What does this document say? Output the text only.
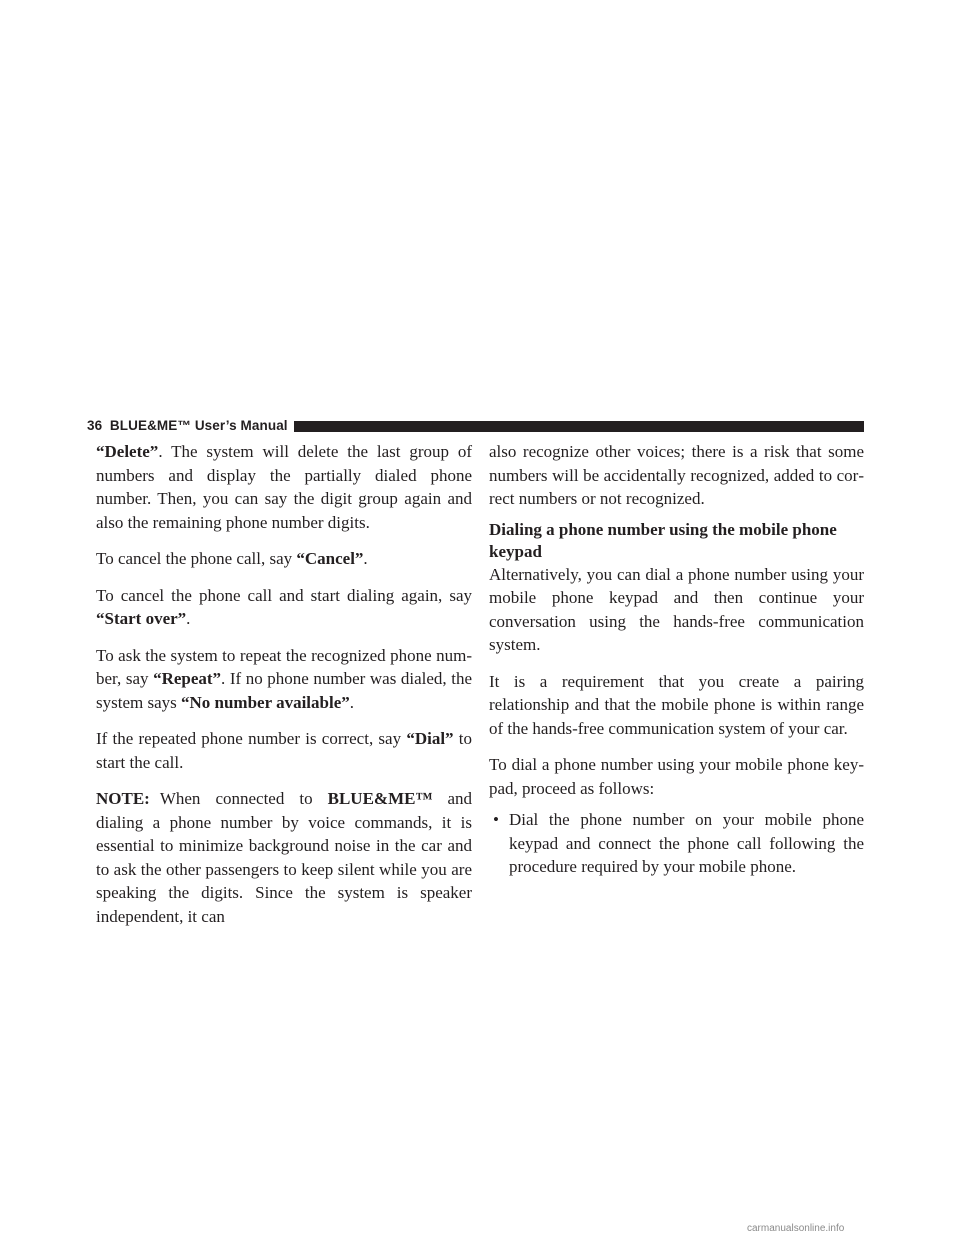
36 BLUE&ME™ User’s Manual

“Delete”. The system will delete the last group of numbers and display the partially dialed phone number. Then, you can say the digit group again and also the remaining phone number digits.

To cancel the phone call, say “Cancel”.

To cancel the phone call and start dialing again, say “Start over”.

To ask the system to repeat the recognized phone number, say “Repeat”. If no phone number was dialed, the system says “No number available”.

If the repeated phone number is correct, say “Dial” to start the call.

NOTE: When connected to BLUE&ME™ and dialing a phone number by voice commands, it is essential to minimize background noise in the car and to ask the other passengers to keep silent while you are speaking the digits. Since the system is speaker independent, it can

also recognize other voices; there is a risk that some numbers will be accidentally recognized, added to correct numbers or not recognized.

Dialing a phone number using the mobile phone keypad

Alternatively, you can dial a phone number using your mobile phone keypad and then continue your conversation using the hands-free communication system.

It is a requirement that you create a pairing relationship and that the mobile phone is within range of the hands-free communication system of your car.

To dial a phone number using your mobile phone keypad, proceed as follows:

• Dial the phone number on your mobile phone keypad and connect the phone call following the procedure required by your mobile phone.
carmanualsonline.info
